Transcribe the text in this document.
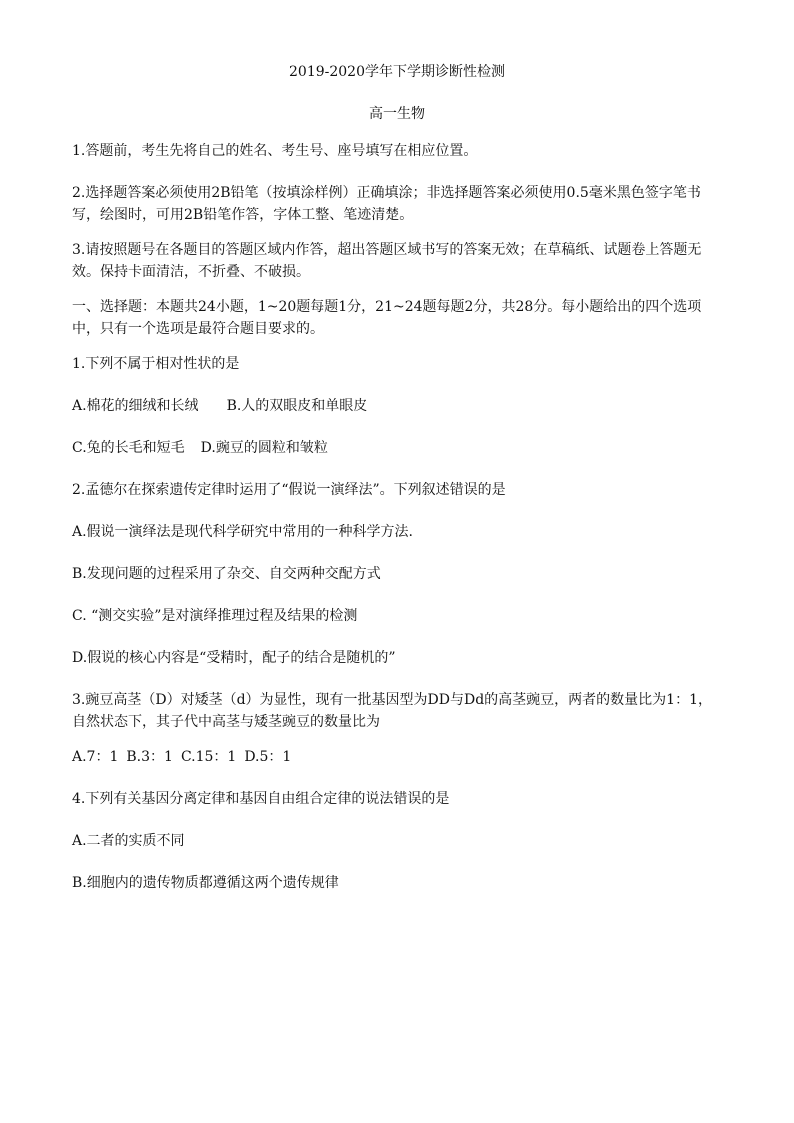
2019-2020学年下学期诊断性检测
高一生物
1.答题前，考生先将自己的姓名、考生号、座号填写在相应位置。
2.选择题答案必须使用2B铅笔（按填涂样例）正确填涂；非选择题答案必须使用0.5毫米黑色签字笔书写，绘图时，可用2B铅笔作答，字体工整、笔迹清楚。
3.请按照题号在各题目的答题区域内作答，超出答题区域书写的答案无效；在草稿纸、试题卷上答题无效。保持卡面清洁，不折叠、不破损。
一、选择题：本题共24小题，1~20题每题1分，21~24题每题2分，共28分。每小题给出的四个选项中，只有一个选项是最符合题目要求的。
1.下列不属于相对性状的是
A.棉花的细绒和长绒 B.人的双眼皮和单眼皮
C.兔的长毛和短毛 D.豌豆的圆粒和皱粒
2.孟德尔在探索遗传定律时运用了“假说一演绎法”。下列叙述错误的是
A.假说一演绎法是现代科学研究中常用的一种科学方法.
B.发现问题的过程采用了杂交、自交两种交配方式
C. “测交实验”是对演绎推理过程及结果的检测
D.假说的核心内容是“受精时，配子的结合是随机的”
3.豌豆高茎（D）对矮茎（d）为显性，现有一批基因型为DD与Dd的高茎豌豆，两者的数量比为1：1，自然状态下，其子代中高茎与矮茎豌豆的数量比为
A.7：1 B.3：1 C.15：1 D.5：1
4.下列有关基因分离定律和基因自由组合定律的说法错误的是
A.二者的实质不同
B.细胞内的遗传物质都遵循这两个遗传规律
